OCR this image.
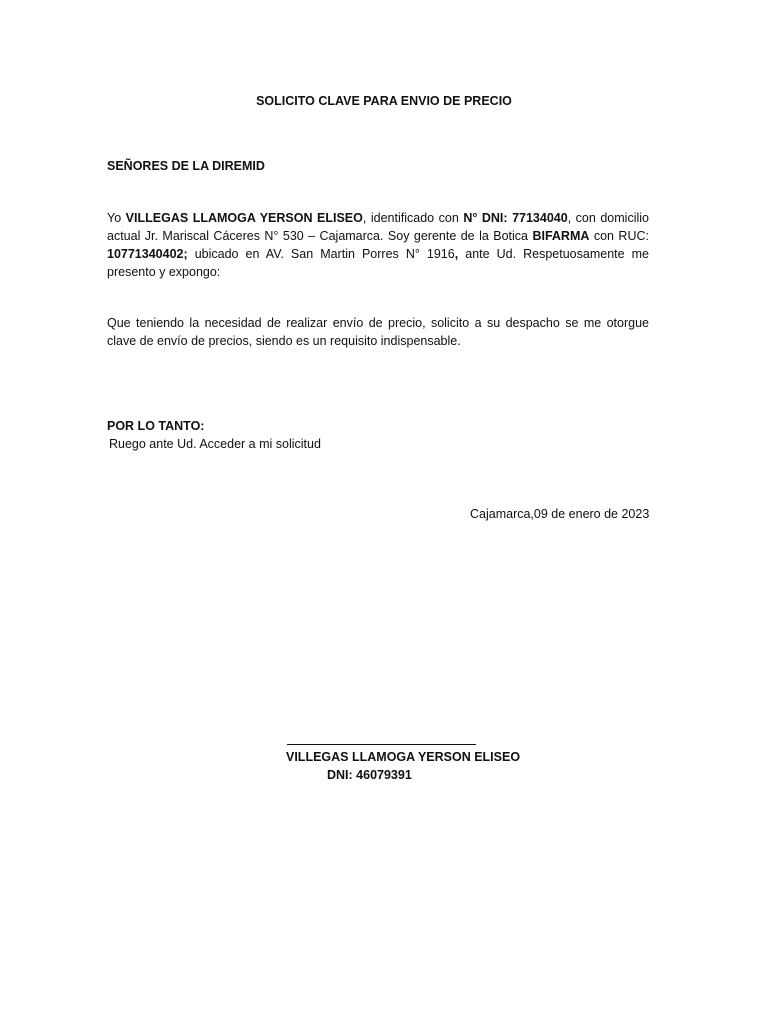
SOLICITO CLAVE PARA ENVIO DE PRECIO
SEÑORES DE LA DIREMID
Yo VILLEGAS LLAMOGA YERSON ELISEO, identificado con N° DNI: 77134040, con domicilio actual Jr. Mariscal Cáceres N° 530 – Cajamarca. Soy gerente de la Botica BIFARMA con RUC: 10771340402; ubicado en AV. San Martin Porres N° 1916, ante Ud. Respetuosamente me presento y expongo:
Que teniendo la necesidad de realizar envío de precio, solicito a su despacho se me otorgue clave de envío de precios, siendo es un requisito indispensable.
POR LO TANTO:
Ruego ante Ud. Acceder a mi solicitud
Cajamarca,09 de enero de 2023
VILLEGAS LLAMOGA YERSON ELISEO
DNI: 46079391
